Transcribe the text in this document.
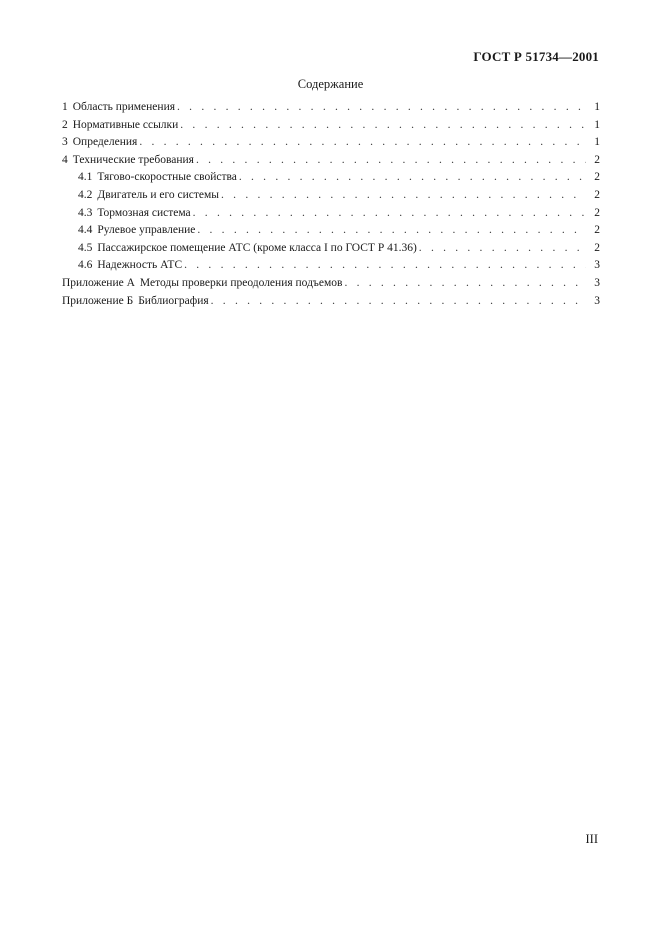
ГОСТ Р 51734—2001
Содержание
1 Область применения . . .	1
2 Нормативные ссылки . . .	1
3 Определения . . .	1
4 Технические требования . . .	2
4.1 Тягово-скоростные свойства . . .	2
4.2 Двигатель и его системы . . .	2
4.3 Тормозная система . . .	2
4.4 Рулевое управление . . .	2
4.5 Пассажирское помещение АТС (кроме класса I по ГОСТ Р 41.36) . . .	2
4.6 Надежность АТС . . .	3
Приложение А Методы проверки преодоления подъемов . . .	3
Приложение Б Библиография . . .	3
III
